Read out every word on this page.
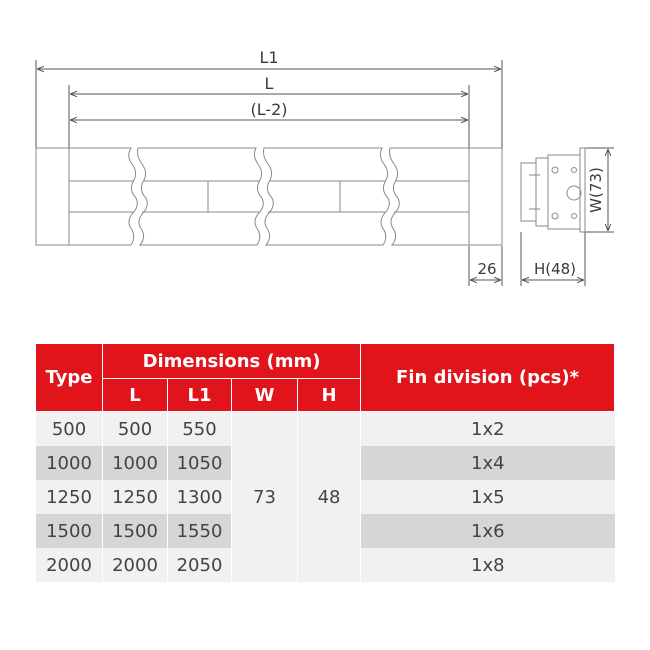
L1
L
(L-2)
26 H(48)
W(73)
Type	Dimensions (mm)				Fin division (pcs)*
	L	L1	W	H	
500	500	550	73	48	1x2
1000	1000	1050			1x4
1250	1250	1300			1x5
1500	1500	1550			1x6
2000	2000	2050			1x8
